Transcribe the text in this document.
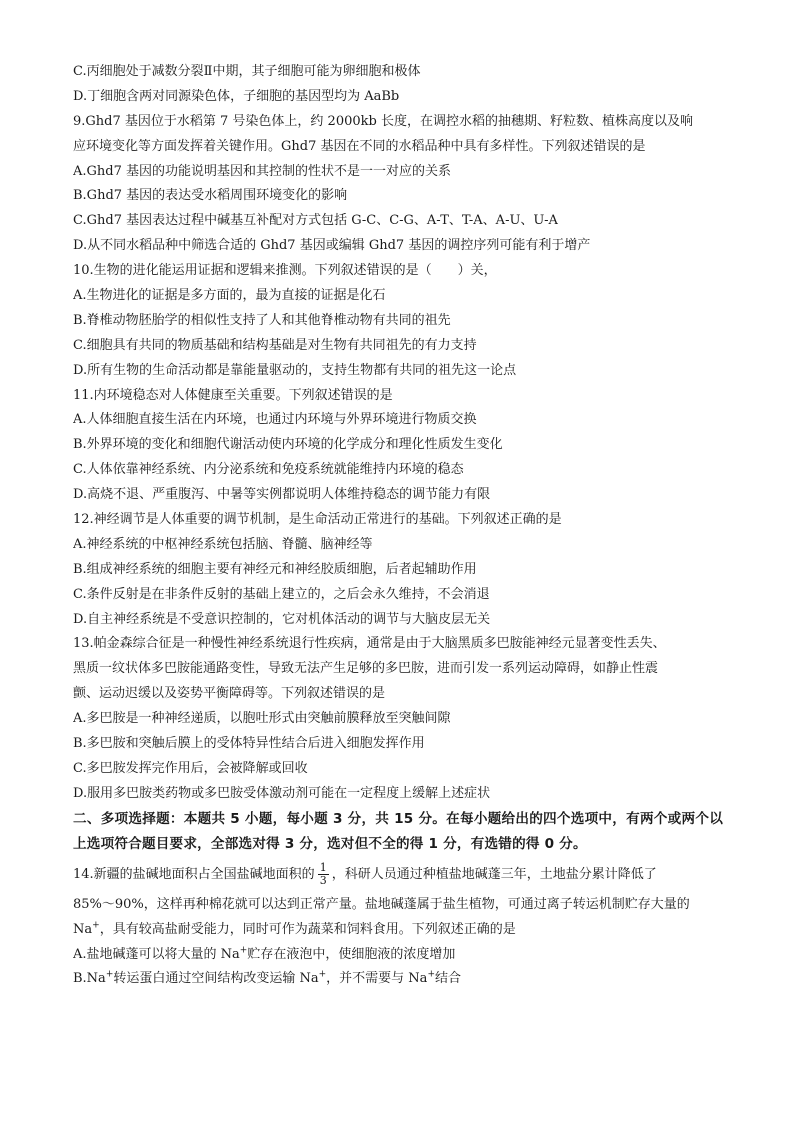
C.丙细胞处于减数分裂Ⅱ中期，其子细胞可能为卵细胞和极体
D.丁细胞含两对同源染色体，子细胞的基因型均为 AaBb
9.Ghd7 基因位于水稻第 7 号染色体上，约 2000kb 长度，在调控水稻的抽穗期、籽粒数、植株高度以及响
应环境变化等方面发挥着关键作用。Ghd7 基因在不同的水稻品种中具有多样性。下列叙述错误的是
A.Ghd7 基因的功能说明基因和其控制的性状不是一一对应的关系
B.Ghd7 基因的表达受水稻周围环境变化的影响
C.Ghd7 基因表达过程中碱基互补配对方式包括 G-C、C-G、A-T、T-A、A-U、U-A
D.从不同水稻品种中筛选合适的 Ghd7 基因或编辑 Ghd7 基因的调控序列可能有利于增产
10.生物的进化能运用证据和逻辑来推测。下列叙述错误的是（　　）关，
A.生物进化的证据是多方面的，最为直接的证据是化石
B.脊椎动物胚胎学的相似性支持了人和其他脊椎动物有共同的祖先
C.细胞具有共同的物质基础和结构基础是对生物有共同祖先的有力支持
D.所有生物的生命活动都是靠能量驱动的，支持生物都有共同的祖先这一论点
11.内环境稳态对人体健康至关重要。下列叙述错误的是
A.人体细胞直接生活在内环境，也通过内环境与外界环境进行物质交换
B.外界环境的变化和细胞代谢活动使内环境的化学成分和理化性质发生变化
C.人体依靠神经系统、内分泌系统和免疫系统就能维持内环境的稳态
D.高烧不退、严重腹泻、中暑等实例都说明人体维持稳态的调节能力有限
12.神经调节是人体重要的调节机制，是生命活动正常进行的基础。下列叙述正确的是
A.神经系统的中枢神经系统包括脑、脊髓、脑神经等
B.组成神经系统的细胞主要有神经元和神经胶质细胞，后者起辅助作用
C.条件反射是在非条件反射的基础上建立的，之后会永久维持，不会消退
D.自主神经系统是不受意识控制的，它对机体活动的调节与大脑皮层无关
13.帕金森综合征是一种慢性神经系统退行性疾病，通常是由于大脑黑质多巴胺能神经元显著变性丢失、
黑质一纹状体多巴胺能通路变性，导致无法产生足够的多巴胺，进而引发一系列运动障碍，如静止性震
颤、运动迟缓以及姿势平衡障碍等。下列叙述错误的是
A.多巴胺是一种神经递质，以胞吐形式由突触前膜释放至突触间隙
B.多巴胺和突触后膜上的受体特异性结合后进入细胞发挥作用
C.多巴胺发挥完作用后，会被降解或回收
D.服用多巴胺类药物或多巴胺受体激动剂可能在一定程度上缓解上述症状
二、多项选择题：本题共 5 小题，每小题 3 分，共 15 分。在每小题给出的四个选项中，有两个或两个以上选项符合题目要求，全部选对得 3 分，选对但不全的得 1 分，有选错的得 0 分。
14.新疆的盐碱地面积占全国盐碱地面积的 $\frac{1}{3}$ ，科研人员通过种植盐地碱蓬三年，土地盐分累计降低了
85%～90%，这样再种棉花就可以达到正常产量。盐地碱蓬属于盐生植物，可通过离子转运机制贮存大量的
Na+，具有较高盐耐受能力，同时可作为蔬菜和饲料食用。下列叙述正确的是
A.盐地碱蓬可以将大量的 Na+贮存在液泡中，使细胞液的浓度增加
B.Na+转运蛋白通过空间结构改变运输 Na+，并不需要与 Na+结合
